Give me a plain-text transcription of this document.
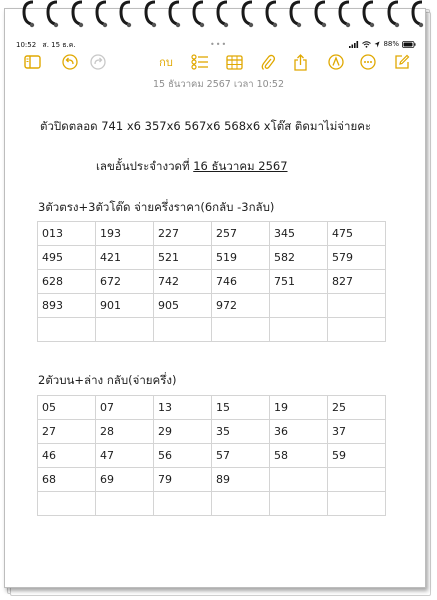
10:52 ส. 15 ธ.ค.	88%
•••
กบ
15 ธันวาคม 2567 เวลา 10:52
ตัวปิดตลอด 741 x6 357x6 567x6 568x6 xโต๊ส ติดมาไม่จ่ายคะ
เลขอั้นประจำงวดที่ 16 ธันวาคม 2567
3ตัวตรง+3ตัวโต๊ด จ่ายครึ่งราคา(6กลับ -3กลับ)
013	193	227	257	345	475
495	421	521	519	582	579
628	672	742	746	751	827
893	901	905	972		

2ตัวบน+ล่าง กลับ(จ่ายครึ่ง)
05	07	13	15	19	25
27	28	29	35	36	37
46	47	56	57	58	59
68	69	79	89		
